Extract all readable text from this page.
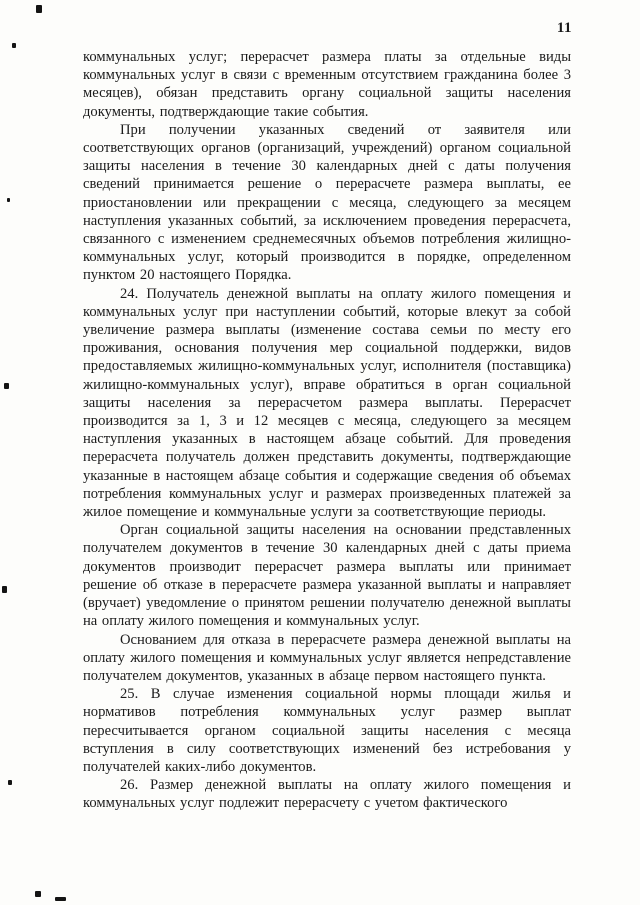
11

коммунальных услуг; перерасчет размера платы за отдельные виды коммунальных услуг в связи с временным отсутствием гражданина более 3 месяцев), обязан представить органу социальной защиты населения документы, подтверждающие такие события.

При получении указанных сведений от заявителя или соответствующих органов (организаций, учреждений) органом социальной защиты населения в течение 30 календарных дней с даты получения сведений принимается решение о перерасчете размера выплаты, ее приостановлении или прекращении с месяца, следующего за месяцем наступления указанных событий, за исключением проведения перерасчета, связанного с изменением среднемесячных объемов потребления жилищно-коммунальных услуг, который производится в порядке, определенном пунктом 20 настоящего Порядка.

24. Получатель денежной выплаты на оплату жилого помещения и коммунальных услуг при наступлении событий, которые влекут за собой увеличение размера выплаты (изменение состава семьи по месту его проживания, основания получения мер социальной поддержки, видов предоставляемых жилищно-коммунальных услуг, исполнителя (поставщика) жилищно-коммунальных услуг), вправе обратиться в орган социальной защиты населения за перерасчетом размера выплаты. Перерасчет производится за 1, 3 и 12 месяцев с месяца, следующего за месяцем наступления указанных в настоящем абзаце событий. Для проведения перерасчета получатель должен представить документы, подтверждающие указанные в настоящем абзаце события и содержащие сведения об объемах потребления коммунальных услуг и размерах произведенных платежей за жилое помещение и коммунальные услуги за соответствующие периоды.

Орган социальной защиты населения на основании представленных получателем документов в течение 30 календарных дней с даты приема документов производит перерасчет размера выплаты или принимает решение об отказе в перерасчете размера указанной выплаты и направляет (вручает) уведомление о принятом решении получателю денежной выплаты на оплату жилого помещения и коммунальных услуг.

Основанием для отказа в перерасчете размера денежной выплаты на оплату жилого помещения и коммунальных услуг является непредставление получателем документов, указанных в абзаце первом настоящего пункта.

25. В случае изменения социальной нормы площади жилья и нормативов потребления коммунальных услуг размер выплат пересчитывается органом социальной защиты населения с месяца вступления в силу соответствующих изменений без истребования у получателей каких-либо документов.

26. Размер денежной выплаты на оплату жилого помещения и коммунальных услуг подлежит перерасчету с учетом фактического
